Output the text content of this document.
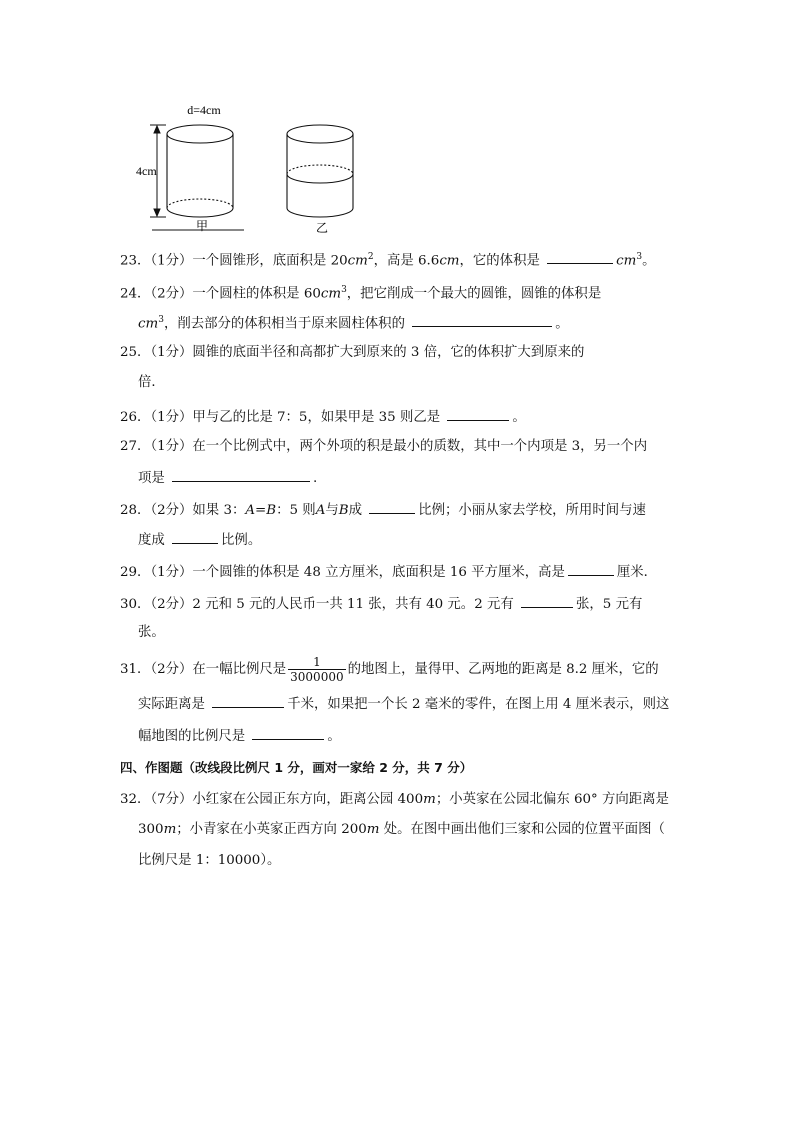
d=4cm
4cm
甲	乙
23．（1分）一个圆锥形，底面积是 $20cm^2$，高是 6.6cm，它的体积是	$cm^3$。
24．（2分）一个圆柱的体积是 $60cm^3$，把它削成一个最大的圆锥，圆锥的体积是
$cm^3$，削去部分的体积相当于原来圆柱体积的	。
25．（1分）圆锥的底面半径和高都扩大到原来的 3 倍，它的体积扩大到原来的
倍．
26．（1分）甲与乙的比是 7：5，如果甲是 35 则乙是	。
27．（1分）在一个比例式中，两个外项的积是最小的质数，其中一个内项是 3，另一个内
项是	.
28．（2分）如果 3：A=B：5 则A与B成	比例；小丽从家去学校，所用时间与速
度成	比例。
29．（1分）一个圆锥的体积是 48 立方厘米，底面积是 16 平方厘米，高是	厘米．
30．（2分）2 元和 5 元的人民币一共 11 张，共有 40 元。2 元有	张，5 元有
张。
31．（2分）在一幅比例尺是 $\frac{1}{3000000}$ 的地图上，量得甲、乙两地的距离是 8.2 厘米，它的
实际距离是	千米，如果把一个长 2 毫米的零件，在图上用 4 厘米表示，则这
幅地图的比例尺是	。
四、作图题（改线段比例尺 1 分，画对一家给 2 分，共 7 分）
32．（7分）小红家在公园正东方向，距离公园 400m；小英家在公园北偏东 60° 方向距离是
300m；小青家在小英家正西方向 200m 处。在图中画出他们三家和公园的位置平面图（
比例尺是 1：10000）。
